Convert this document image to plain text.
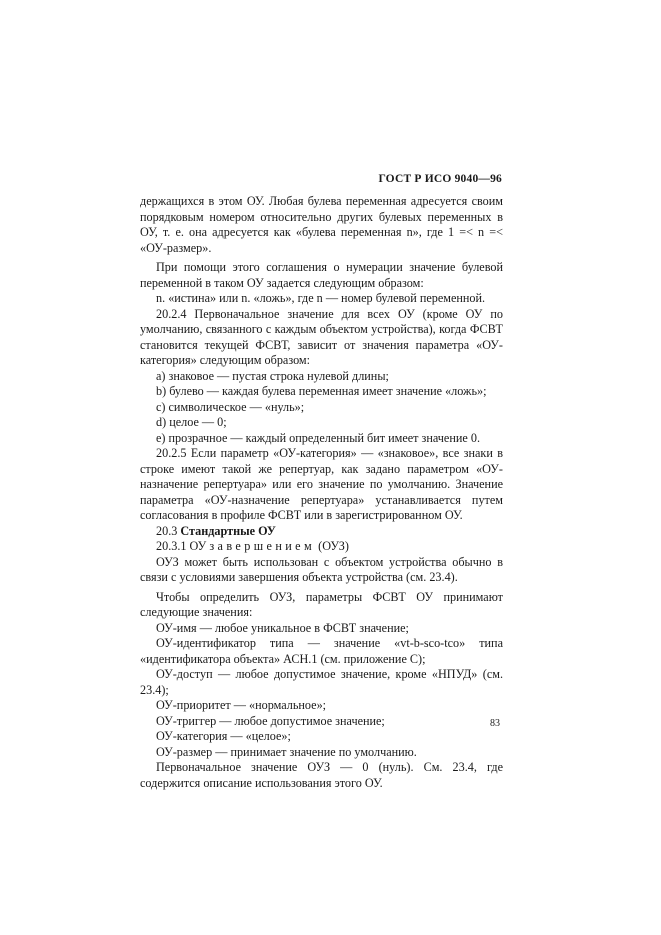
ГОСТ Р ИСО 9040—96

держащихся в этом ОУ. Любая булева переменная адресуется своим порядковым номером относительно других булевых переменных в ОУ, т. е. она адресуется как «булева переменная n», где 1 =< n =< «ОУ-размер».

При помощи этого соглашения о нумерации значение булевой переменной в таком ОУ задается следующим образом:

n. «истина» или n. «ложь», где n — номер булевой переменной.

20.2.4 Первоначальное значение для всех ОУ (кроме ОУ по умолчанию, связанного с каждым объектом устройства), когда ФСВТ становится текущей ФСВТ, зависит от значения параметра «ОУ-категория» следующим образом:

а) знаковое — пустая строка нулевой длины;

b) булево — каждая булева переменная имеет значение «ложь»;

с) символическое — «нуль»;

d) целое — 0;

е) прозрачное — каждый определенный бит имеет значение 0.

20.2.5 Если параметр «ОУ-категория» — «знаковое», все знаки в строке имеют такой же репертуар, как задано параметром «ОУ-назначение репертуара» или его значение по умолчанию. Значение параметра «ОУ-назначение репертуара» устанавливается путем согласования в профиле ФСВТ или в зарегистрированном ОУ.

20.3 Стандартные ОУ

20.3.1 ОУ завершением (ОУЗ)

ОУЗ может быть использован с объектом устройства обычно в связи с условиями завершения объекта устройства (см. 23.4).

Чтобы определить ОУЗ, параметры ФСВТ ОУ принимают следующие значения:

ОУ-имя — любое уникальное в ФСВТ значение;

ОУ-идентификатор типа — значение «vt-b-sco-tco» типа «идентификатора объекта» АСН.1 (см. приложение С);

ОУ-доступ — любое допустимое значение, кроме «НПУД» (см. 23.4);

ОУ-приоритет — «нормальное»;

ОУ-триггер — любое допустимое значение;

ОУ-категория — «целое»;

ОУ-размер — принимает значение по умолчанию.

Первоначальное значение ОУЗ — 0 (нуль). См. 23.4, где содержится описание использования этого ОУ.

83
